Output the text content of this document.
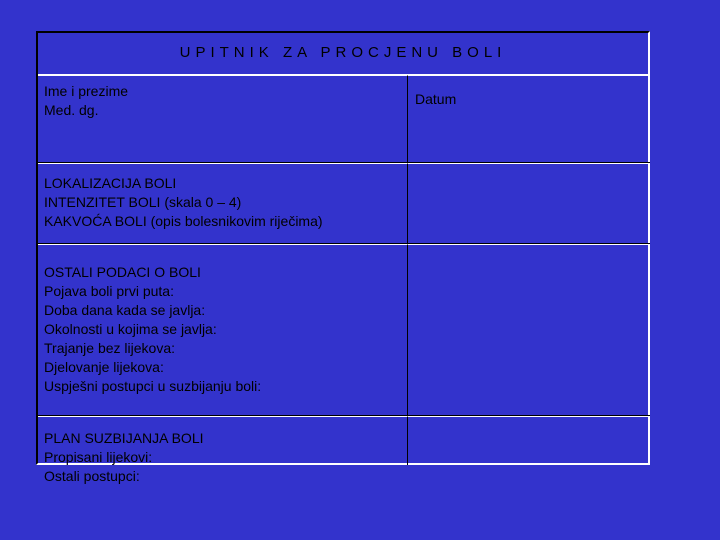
UPITNIK ZA PROCJENU BOLI
Ime i prezime
Med. dg.
Datum
LOKALIZACIJA BOLI
INTENZITET BOLI (skala 0 – 4)
KAKVOĆA BOLI (opis bolesnikovim riječima)
OSTALI PODACI O BOLI
Pojava boli prvi puta:
Doba dana kada se javlja:
Okolnosti u kojima se javlja:
Trajanje bez lijekova:
Djelovanje lijekova:
Uspješni postupci u suzbijanju boli:
PLAN SUZBIJANJA BOLI
Propisani lijekovi:
Ostali postupci:
